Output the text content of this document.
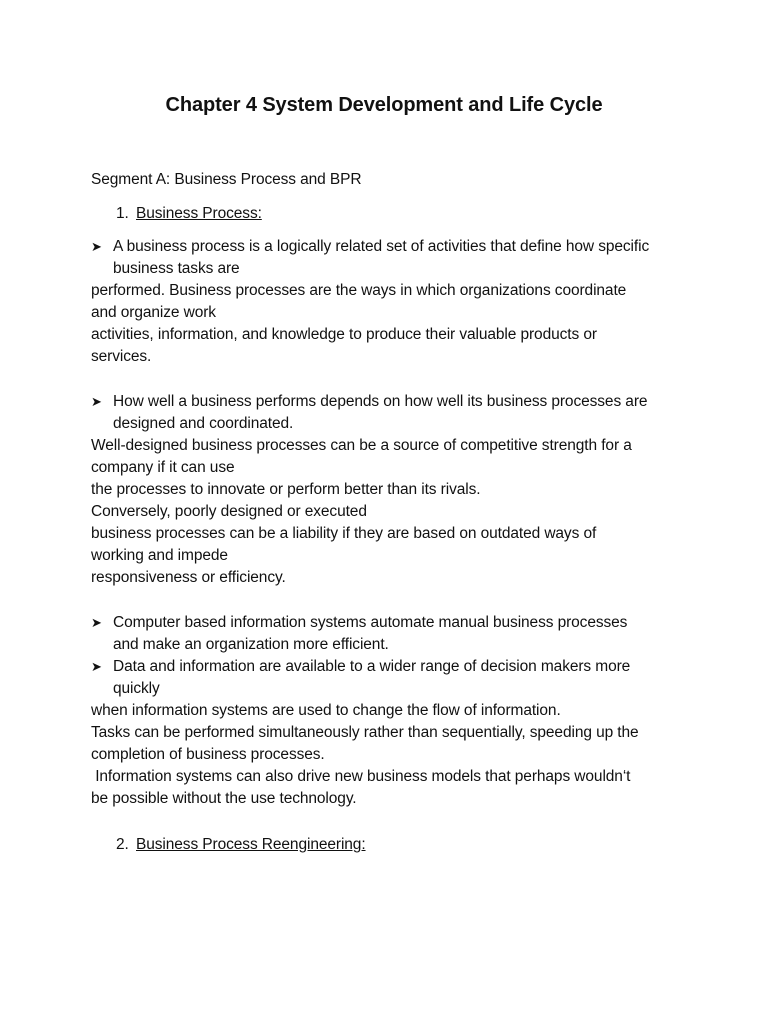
Chapter 4 System Development and Life Cycle
Segment A: Business Process and BPR
1. Business Process:
➤ A business process is a logically related set of activities that define how specific
business tasks are
performed. Business processes are the ways in which organizations coordinate
and organize work
activities, information, and knowledge to produce their valuable products or
services.
➤ How well a business performs depends on how well its business processes are
designed and coordinated.
Well-designed business processes can be a source of competitive strength for a
company if it can use
the processes to innovate or perform better than its rivals.
Conversely, poorly designed or executed
business processes can be a liability if they are based on outdated ways of
working and impede
responsiveness or efficiency.
➤ Computer based information systems automate manual business processes
and make an organization more efficient.
➤ Data and information are available to a wider range of decision makers more
quickly
when information systems are used to change the flow of information.
Tasks can be performed simultaneously rather than sequentially, speeding up the
completion of business processes.
Information systems can also drive new business models that perhaps wouldn‘t
be possible without the use technology.
2. Business Process Reengineering:
